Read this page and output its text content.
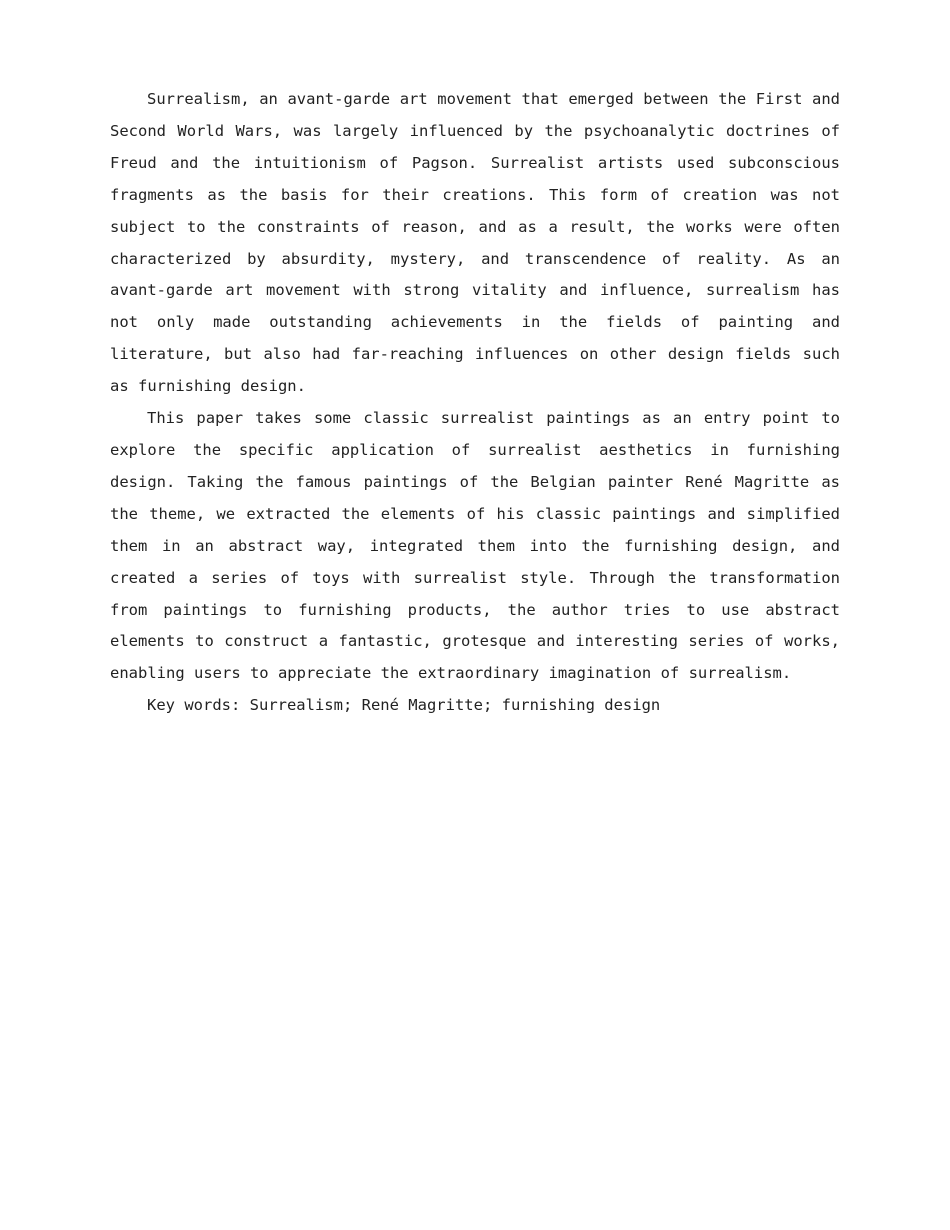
Surrealism, an avant-garde art movement that emerged between the First and Second World Wars, was largely influenced by the psychoanalytic doctrines of Freud and the intuitionism of Pagson. Surrealist artists used subconscious fragments as the basis for their creations. This form of creation was not subject to the constraints of reason, and as a result, the works were often characterized by absurdity, mystery, and transcendence of reality. As an avant-garde art movement with strong vitality and influence, surrealism has not only made outstanding achievements in the fields of painting and literature, but also had far-reaching influences on other design fields such as furnishing design.

This paper takes some classic surrealist paintings as an entry point to explore the specific application of surrealist aesthetics in furnishing design. Taking the famous paintings of the Belgian painter René Magritte as the theme, we extracted the elements of his classic paintings and simplified them in an abstract way, integrated them into the furnishing design, and created a series of toys with surrealist style. Through the transformation from paintings to furnishing products, the author tries to use abstract elements to construct a fantastic, grotesque and interesting series of works, enabling users to appreciate the extraordinary imagination of surrealism.

Key words: Surrealism; René Magritte; furnishing design
